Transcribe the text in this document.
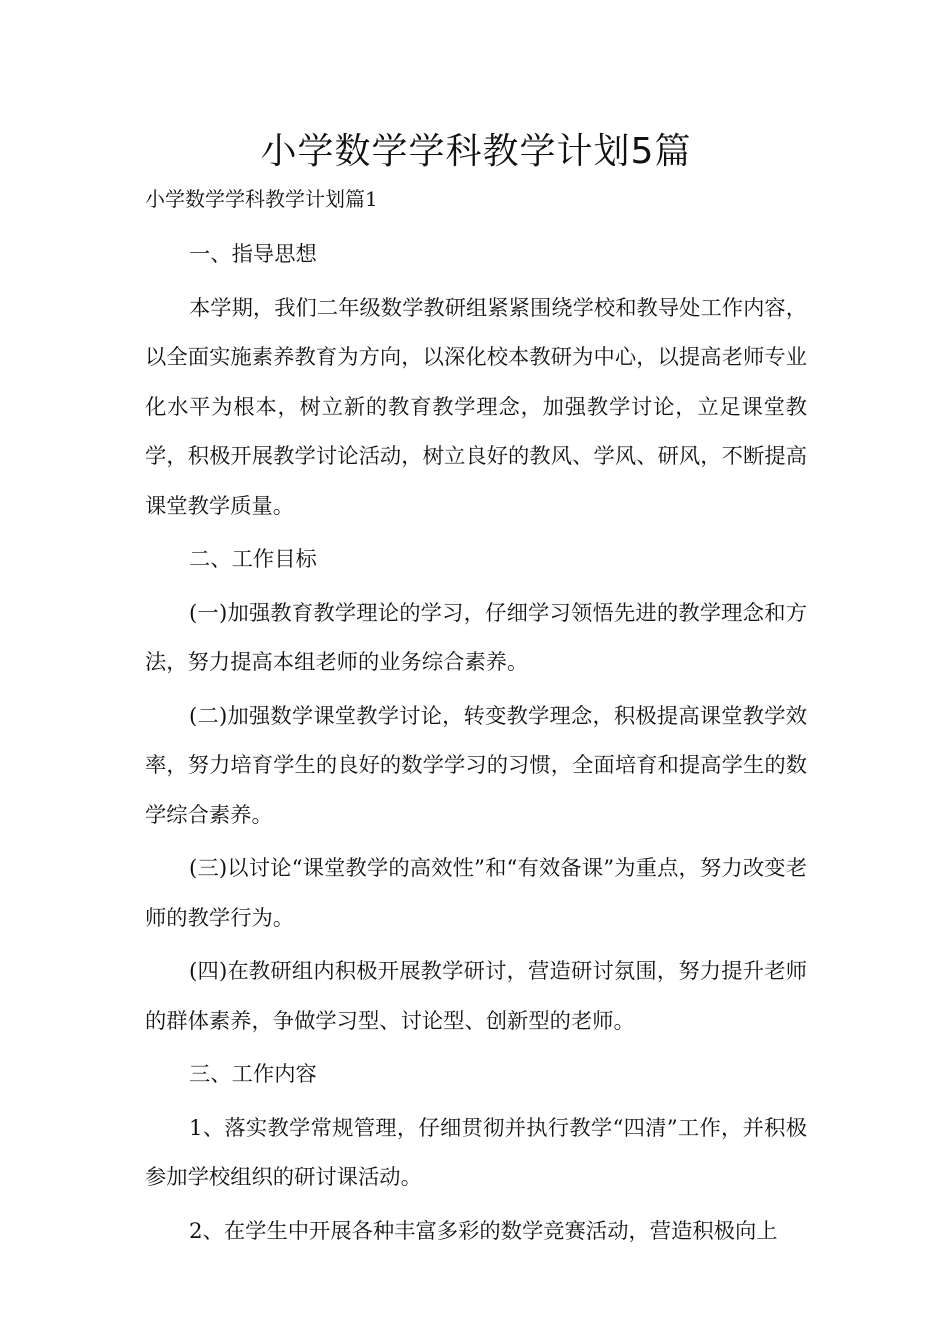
小学数学学科教学计划5篇

小学数学学科教学计划篇1

一、指导思想

本学期，我们二年级数学教研组紧紧围绕学校和教导处工作内容，以全面实施素养教育为方向，以深化校本教研为中心，以提高老师专业化水平为根本，树立新的教育教学理念，加强教学讨论，立足课堂教学，积极开展教学讨论活动，树立良好的教风、学风、研风，不断提高课堂教学质量。

二、工作目标

(一)加强教育教学理论的学习，仔细学习领悟先进的教学理念和方法，努力提高本组老师的业务综合素养。

(二)加强数学课堂教学讨论，转变教学理念，积极提高课堂教学效率，努力培育学生的良好的数学学习的习惯，全面培育和提高学生的数学综合素养。

(三)以讨论“课堂教学的高效性”和“有效备课”为重点，努力改变老师的教学行为。

(四)在教研组内积极开展教学研讨，营造研讨氛围，努力提升老师的群体素养，争做学习型、讨论型、创新型的老师。

三、工作内容

1、落实教学常规管理，仔细贯彻并执行教学“四清”工作，并积极参加学校组织的研讨课活动。

2、在学生中开展各种丰富多彩的数学竞赛活动，营造积极向上
